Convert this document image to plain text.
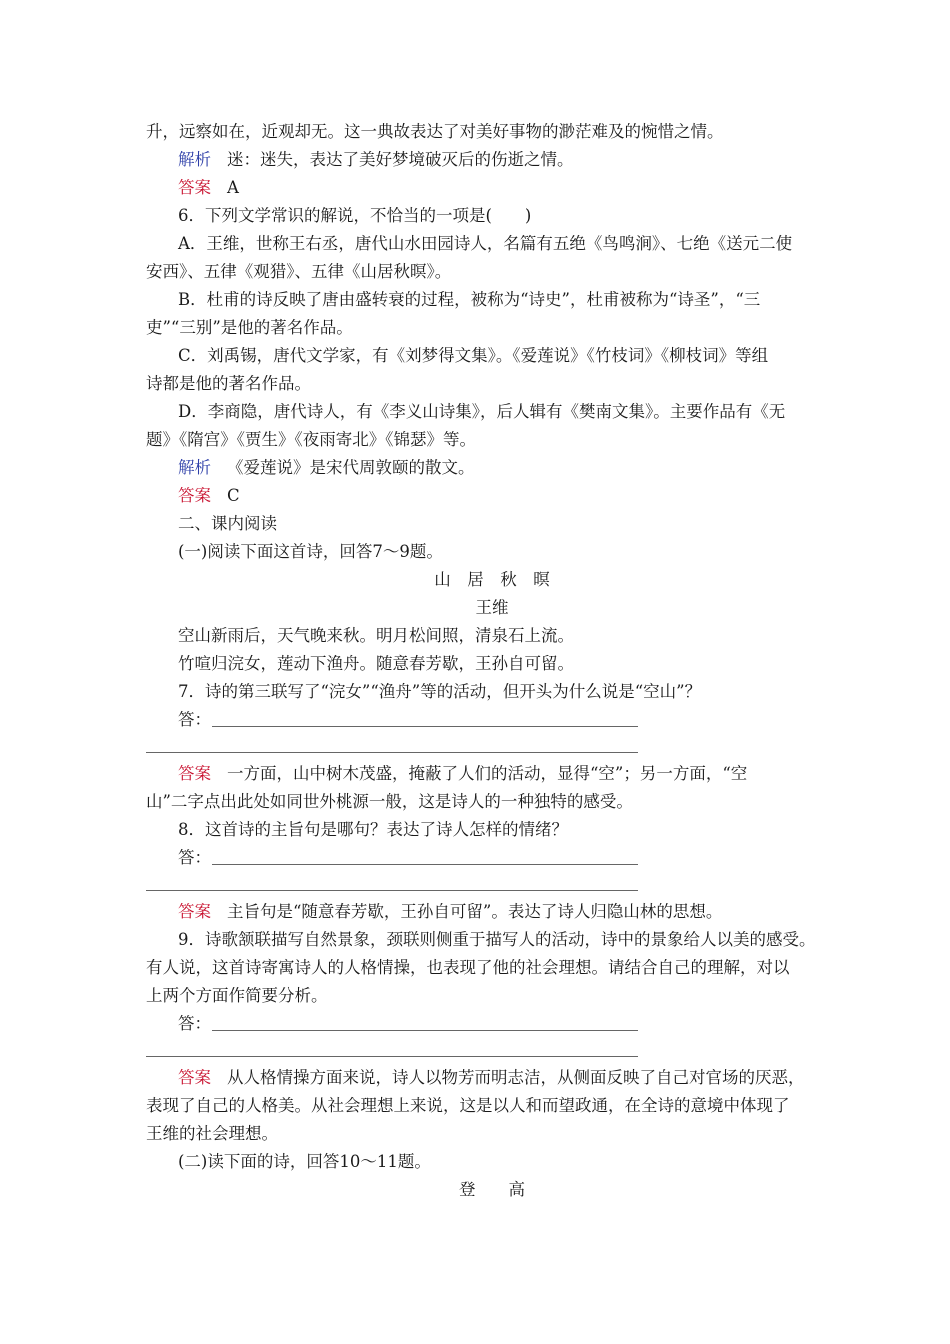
升，远察如在，近观却无。这一典故表达了对美好事物的渺茫难及的惋惜之情。
解析 迷：迷失，表达了美好梦境破灭后的伤逝之情。
答案 A
6．下列文学常识的解说，不恰当的一项是(　　)
A．王维，世称王右丞，唐代山水田园诗人，名篇有五绝《鸟鸣涧》、七绝《送元二使
安西》、五律《观猎》、五律《山居秋暝》。
B．杜甫的诗反映了唐由盛转衰的过程，被称为“诗史”，杜甫被称为“诗圣”，“三
吏”“三别”是他的著名作品。
C．刘禹锡，唐代文学家，有《刘梦得文集》。《爱莲说》《竹枝词》《柳枝词》等组
诗都是他的著名作品。
D．李商隐，唐代诗人，有《李义山诗集》，后人辑有《樊南文集》。主要作品有《无
题》《隋宫》《贾生》《夜雨寄北》《锦瑟》等。
解析 《爱莲说》是宋代周敦颐的散文。
答案 C
二、课内阅读
(一)阅读下面这首诗，回答7～9题。
山　居　秋　暝
王维
空山新雨后，天气晚来秋。明月松间照，清泉石上流。
竹喧归浣女，莲动下渔舟。随意春芳歇，王孙自可留。
7．诗的第三联写了“浣女”“渔舟”等的活动，但开头为什么说是“空山”？
答：
答案 一方面，山中树木茂盛，掩蔽了人们的活动，显得“空”；另一方面，“空
山”二字点出此处如同世外桃源一般，这是诗人的一种独特的感受。
8．这首诗的主旨句是哪句？表达了诗人怎样的情绪？
答：
答案 主旨句是“随意春芳歇，王孙自可留”。表达了诗人归隐山林的思想。
9．诗歌颔联描写自然景象，颈联则侧重于描写人的活动，诗中的景象给人以美的感受。
有人说，这首诗寄寓诗人的人格情操，也表现了他的社会理想。请结合自己的理解，对以
上两个方面作简要分析。
答：
答案 从人格情操方面来说，诗人以物芳而明志洁，从侧面反映了自己对官场的厌恶，
表现了自己的人格美。从社会理想上来说，这是以人和而望政通，在全诗的意境中体现了
王维的社会理想。
(二)读下面的诗，回答10～11题。
登　　高
